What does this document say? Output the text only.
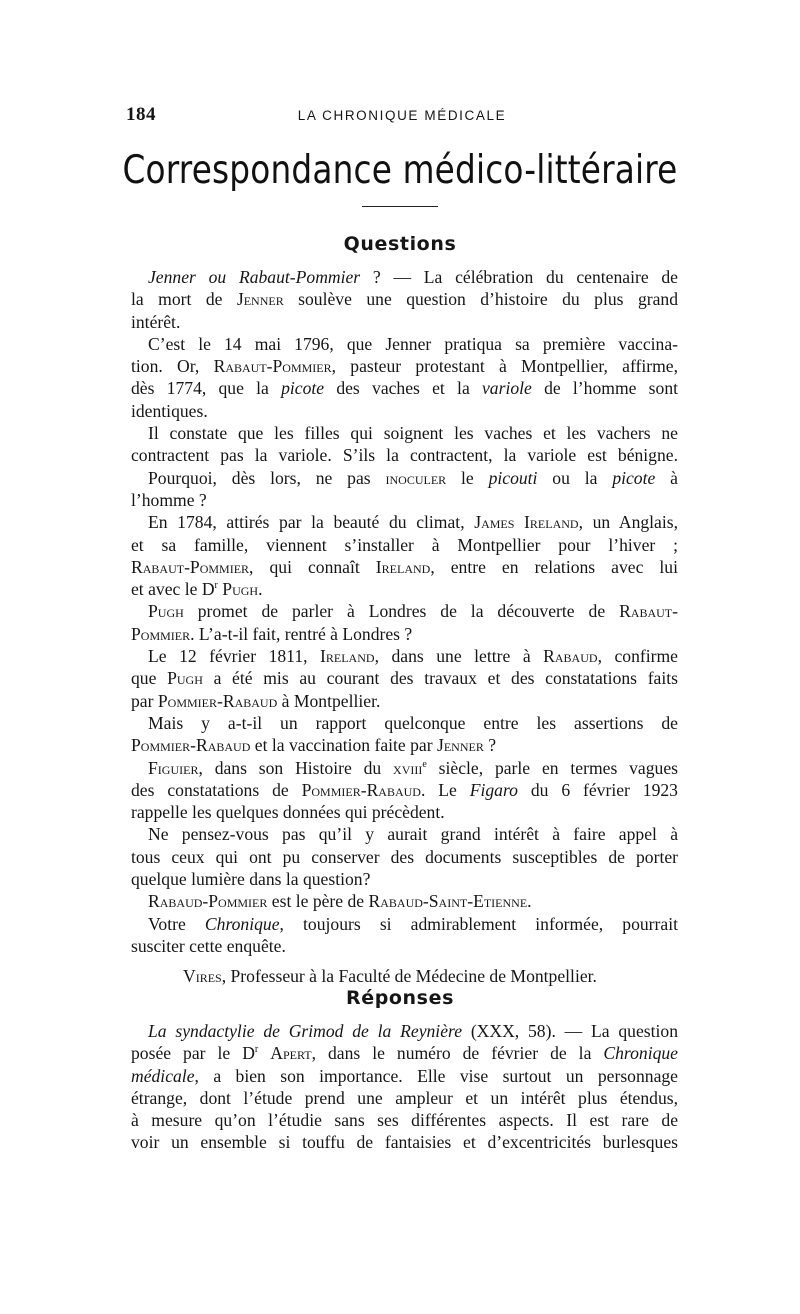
184	LA CHRONIQUE MÉDICALE
Correspondance médico-littéraire
Questions
Jenner ou Rabaut-Pommier ? — La célébration du centenaire de
la mort de Jenner soulève une question d’histoire du plus grand
intérêt.
C’est le 14 mai 1796, que Jenner pratiqua sa première vaccina-
tion. Or, Rabaut-Pommier, pasteur protestant à Montpellier, affirme,
dès 1774, que la picote des vaches et la variole de l’homme sont
identiques.
Il constate que les filles qui soignent les vaches et les vachers ne
contractent pas la variole. S’ils la contractent, la variole est bénigne.
Pourquoi, dès lors, ne pas inoculer le picouti ou la picote à
l’homme ?
En 1784, attirés par la beauté du climat, James Ireland, un Anglais,
et sa famille, viennent s’installer à Montpellier pour l’hiver ;
Rabaut-Pommier, qui connaît Ireland, entre en relations avec lui
et avec le $D^r$ Pugh.
Pugh promet de parler à Londres de la découverte de Rabaut-
Pommier. L’a-t-il fait, rentré à Londres ?
Le 12 février 1811, Ireland, dans une lettre à Rabaud, confirme
que Pugh a été mis au courant des travaux et des constatations faits
par Pommier-Rabaud à Montpellier.
Mais y a-t-il un rapport quelconque entre les assertions de
Pommier-Rabaud et la vaccination faite par Jenner ?
Figuier, dans son Histoire du xviii$^e$ siècle, parle en termes vagues
des constatations de Pommier-Rabaud. Le Figaro du 6 février 1923
rappelle les quelques données qui précèdent.
Ne pensez-vous pas qu’il y aurait grand intérêt à faire appel à
tous ceux qui ont pu conserver des documents susceptibles de porter
quelque lumière dans la question?
Rabaud-Pommier est le père de Rabaud-Saint-Etienne.
Votre Chronique, toujours si admirablement informée, pourrait
susciter cette enquête.
Vires, Professeur à la Faculté de Médecine de Montpellier.
Réponses
La syndactylie de Grimod de la Reynière (XXX, 58). — La question
posée par le $D^r$ Apert, dans le numéro de février de la Chronique
médicale, a bien son importance. Elle vise surtout un personnage
étrange, dont l’étude prend une ampleur et un intérêt plus étendus,
à mesure qu’on l’étudie sans ses différentes aspects. Il est rare de
voir un ensemble si touffu de fantaisies et d’excentricités burlesques
